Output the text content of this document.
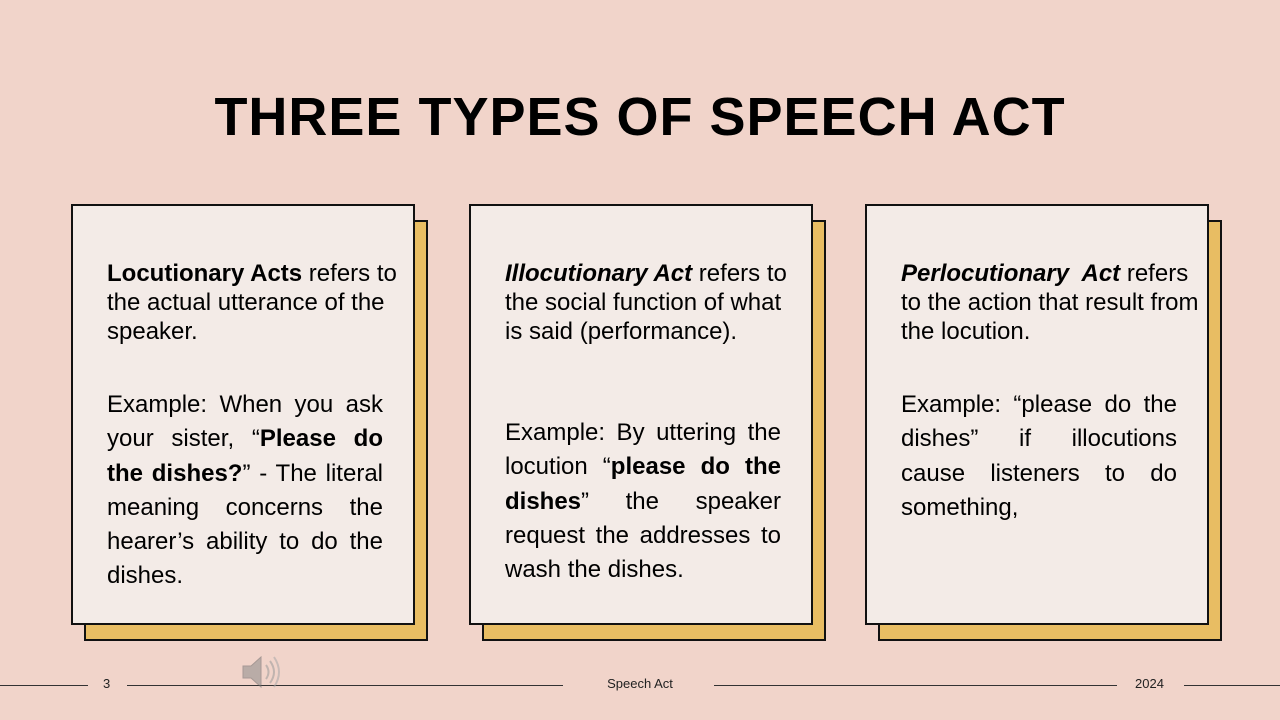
THREE TYPES OF SPEECH ACT
Locutionary Acts refers to the actual utterance of the speaker.
Example: When you ask your sister, “Please do the dishes?” - The literal meaning concerns the hearer’s ability to do the dishes.
Illocutionary Act refers to the social function of what is said (performance).
Example: By uttering the locution “please do the dishes” the speaker request the addresses to wash the dishes.
Perlocutionary  Act refers to the action that result from the locution.
Example: “please do the dishes” if illocutions cause listeners to do something,
3	Speech Act	2024
